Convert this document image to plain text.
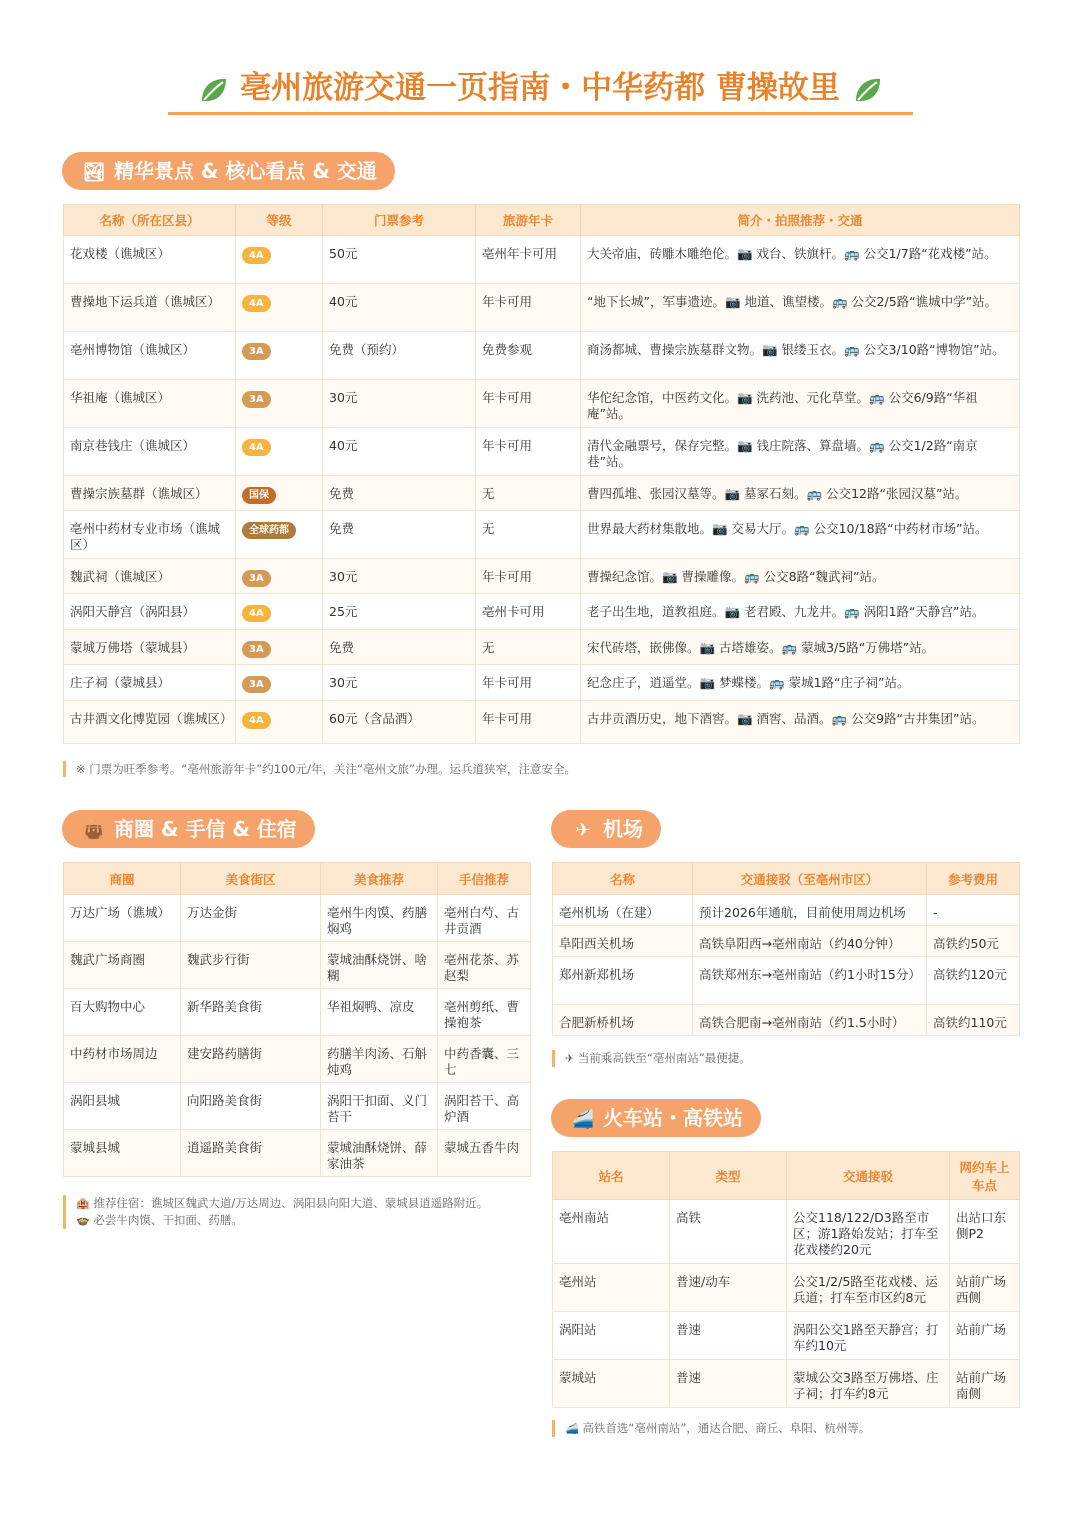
亳州旅游交通一页指南・中华药都 曹操故里
🏞 精华景点 & 核心看点 & 交通
名称（所在区县）	等级	门票参考	旅游年卡	简介・拍照推荐・交通
花戏楼（谯城区）	4A	50元	亳州年卡可用	大关帝庙，砖雕木雕绝伦。📷 戏台、铁旗杆。🚌 公交1/7路“花戏楼”站。
曹操地下运兵道（谯城区）	4A	40元	年卡可用	“地下长城”，军事遗迹。📷 地道、谯望楼。🚌 公交2/5路“谯城中学”站。
亳州博物馆（谯城区）	3A	免费（预约）	免费参观	商汤都城、曹操宗族墓群文物。📷 银缕玉衣。🚌 公交3/10路“博物馆”站。
华祖庵（谯城区）	3A	30元	年卡可用	华佗纪念馆，中医药文化。📷 洗药池、元化草堂。🚌 公交6/9路“华祖庵”站。
南京巷钱庄（谯城区）	4A	40元	年卡可用	清代金融票号，保存完整。📷 钱庄院落、算盘墙。🚌 公交1/2路“南京巷”站。
曹操宗族墓群（谯城区）	国保	免费	无	曹四孤堆、张园汉墓等。📷 墓冢石刻。🚌 公交12路“张园汉墓”站。
亳州中药材专业市场（谯城区）	全球药都	免费	无	世界最大药材集散地。📷 交易大厅。🚌 公交10/18路“中药材市场”站。
魏武祠（谯城区）	3A	30元	年卡可用	曹操纪念馆。📷 曹操雕像。🚌 公交8路“魏武祠”站。
涡阳天静宫（涡阳县）	4A	25元	亳州卡可用	老子出生地，道教祖庭。📷 老君殿、九龙井。🚌 涡阳1路“天静宫”站。
蒙城万佛塔（蒙城县）	3A	免费	无	宋代砖塔，嵌佛像。📷 古塔雄姿。🚌 蒙城3/5路“万佛塔”站。
庄子祠（蒙城县）	3A	30元	年卡可用	纪念庄子，逍遥堂。📷 梦蝶楼。🚌 蒙城1路“庄子祠”站。
古井酒文化博览园（谯城区）	4A	60元（含品酒）	年卡可用	古井贡酒历史，地下酒窖。📷 酒窖、品酒。🚌 公交9路“古井集团”站。
※ 门票为旺季参考。“亳州旅游年卡”约100元/年，关注“亳州文旅”办理。运兵道狭窄，注意安全。
👜 商圈 & 手信 & 住宿
商圈	美食街区	美食推荐	手信推荐
万达广场（谯城）	万达金街	亳州牛肉馍、药膳焖鸡	亳州白芍、古井贡酒
魏武广场商圈	魏武步行街	蒙城油酥烧饼、啥糊	亳州花茶、苏赵梨
百大购物中心	新华路美食街	华祖焖鸭、凉皮	亳州剪纸、曹操袍茶
中药材市场周边	建安路药膳街	药膳羊肉汤、石斛炖鸡	中药香囊、三七
涡阳县城	向阳路美食街	涡阳干扣面、义门苔干	涡阳苔干、高炉酒
蒙城县城	逍遥路美食街	蒙城油酥烧饼、薛家油茶	蒙城五香牛肉
🏨 推荐住宿：谯城区魏武大道/万达周边、涡阳县向阳大道、蒙城县逍遥路附近。
🍲 必尝牛肉馍、干扣面、药膳。
✈ 机场
名称	交通接驳（至亳州市区）	参考费用
亳州机场（在建）	预计2026年通航，目前使用周边机场	-
阜阳西关机场	高铁阜阳西→亳州南站（约40分钟）	高铁约50元
郑州新郑机场	高铁郑州东→亳州南站（约1小时15分）	高铁约120元
合肥新桥机场	高铁合肥南→亳州南站（约1.5小时）	高铁约110元
✈ 当前乘高铁至“亳州南站”最便捷。
🚄 火车站・高铁站
站名	类型	交通接驳	网约车上车点
亳州南站	高铁	公交118/122/D3路至市区；游1路始发站；打车至花戏楼约20元	出站口东侧P2
亳州站	普速/动车	公交1/2/5路至花戏楼、运兵道；打车至市区约8元	站前广场西侧
涡阳站	普速	涡阳公交1路至天静宫；打车约10元	站前广场
蒙城站	普速	蒙城公交3路至万佛塔、庄子祠；打车约8元	站前广场南侧
🚄 高铁首选“亳州南站”，通达合肥、商丘、阜阳、杭州等。
